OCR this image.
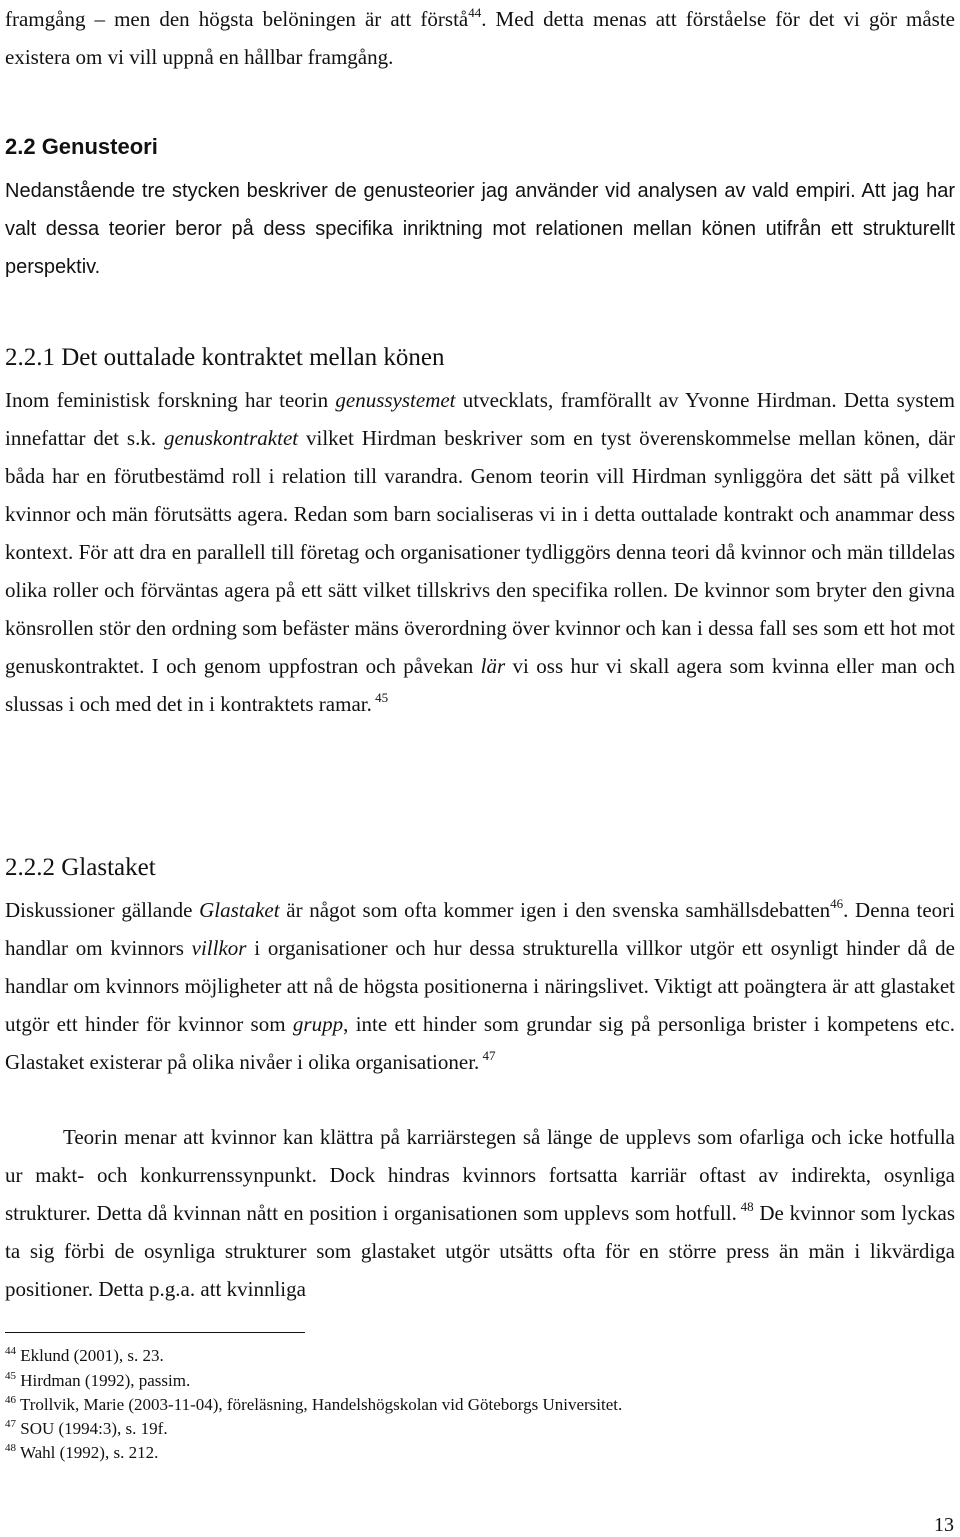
framgång – men den högsta belöningen är att förstå$^{44}$. Med detta menas att förståelse för det vi gör måste existera om vi vill uppnå en hållbar framgång.
2.2 Genusteori
Nedanstående tre stycken beskriver de genusteorier jag använder vid analysen av vald empiri. Att jag har valt dessa teorier beror på dess specifika inriktning mot relationen mellan könen utifrån ett strukturellt perspektiv.
2.2.1 Det outtalade kontraktet mellan könen
Inom feministisk forskning har teorin genussystemet utvecklats, framförallt av Yvonne Hirdman. Detta system innefattar det s.k. genuskontraktet vilket Hirdman beskriver som en tyst överenskommelse mellan könen, där båda har en förutbestämd roll i relation till varandra. Genom teorin vill Hirdman synliggöra det sätt på vilket kvinnor och män förutsätts agera. Redan som barn socialiseras vi in i detta outtalade kontrakt och anammar dess kontext. För att dra en parallell till företag och organisationer tydliggörs denna teori då kvinnor och män tilldelas olika roller och förväntas agera på ett sätt vilket tillskrivs den specifika rollen. De kvinnor som bryter den givna könsrollen stör den ordning som befäster mäns överordning över kvinnor och kan i dessa fall ses som ett hot mot genuskontraktet. I och genom uppfostran och påvekan lär vi oss hur vi skall agera som kvinna eller man och slussas i och med det in i kontraktets ramar. $^{45}$
2.2.2 Glastaket
Diskussioner gällande Glastaket är något som ofta kommer igen i den svenska samhällsdebatten$^{46}$. Denna teori handlar om kvinnors villkor i organisationer och hur dessa strukturella villkor utgör ett osynligt hinder då de handlar om kvinnors möjligheter att nå de högsta positionerna i näringslivet. Viktigt att poängtera är att glastaket utgör ett hinder för kvinnor som grupp, inte ett hinder som grundar sig på personliga brister i kompetens etc. Glastaket existerar på olika nivåer i olika organisationer. $^{47}$
Teorin menar att kvinnor kan klättra på karriärstegen så länge de upplevs som ofarliga och icke hotfulla ur makt- och konkurrenssynpunkt. Dock hindras kvinnors fortsatta karriär oftast av indirekta, osynliga strukturer. Detta då kvinnan nått en position i organisationen som upplevs som hotfull. $^{48}$ De kvinnor som lyckas ta sig förbi de osynliga strukturer som glastaket utgör utsätts ofta för en större press än män i likvärdiga positioner. Detta p.g.a. att kvinnliga
$^{44}$ Eklund (2001), s. 23.
$^{45}$ Hirdman (1992), passim.
$^{46}$ Trollvik, Marie (2003-11-04), föreläsning, Handelshögskolan vid Göteborgs Universitet.
$^{47}$ SOU (1994:3), s. 19f.
$^{48}$ Wahl (1992), s. 212.
13
